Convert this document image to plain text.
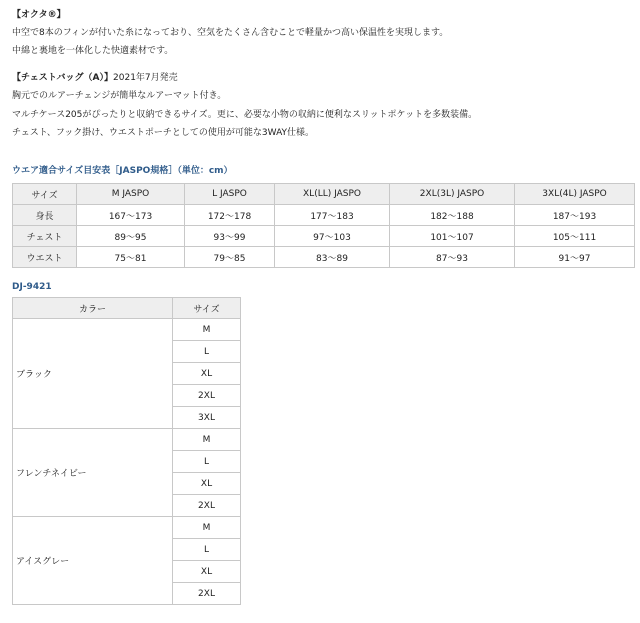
【オクタ®】

中空で8本のフィンが付いた糸になっており、空気をたくさん含むことで軽量かつ高い保温性を実現します。

中綿と裏地を一体化した快適素材です。

【チェストバッグ（A）】2021年7月発売

胸元でのルアーチェンジが簡単なルアーマット付き。

マルチケース205がぴったりと収納できるサイズ。更に、必要な小物の収納に便利なスリットポケットを多数装備。

チェスト、フック掛け、ウエストポーチとしての使用が可能な3WAY仕様。

ウエア適合サイズ目安表［JASPO規格］（単位：cm）
サイズ	M JASPO	L JASPO	XL(LL) JASPO	2XL(3L) JASPO	3XL(4L) JASPO
身長	167〜173	172〜178	177〜183	182〜188	187〜193
チェスト	89〜95	93〜99	97〜103	101〜107	105〜111
ウエスト	75〜81	79〜85	83〜89	87〜93	91〜97
DJ-9421
カラー	サイズ
ブラック	M
	L
	XL
	2XL
	3XL
フレンチネイビー	M
	L
	XL
	2XL
アイスグレー	M
	L
	XL
	2XL
